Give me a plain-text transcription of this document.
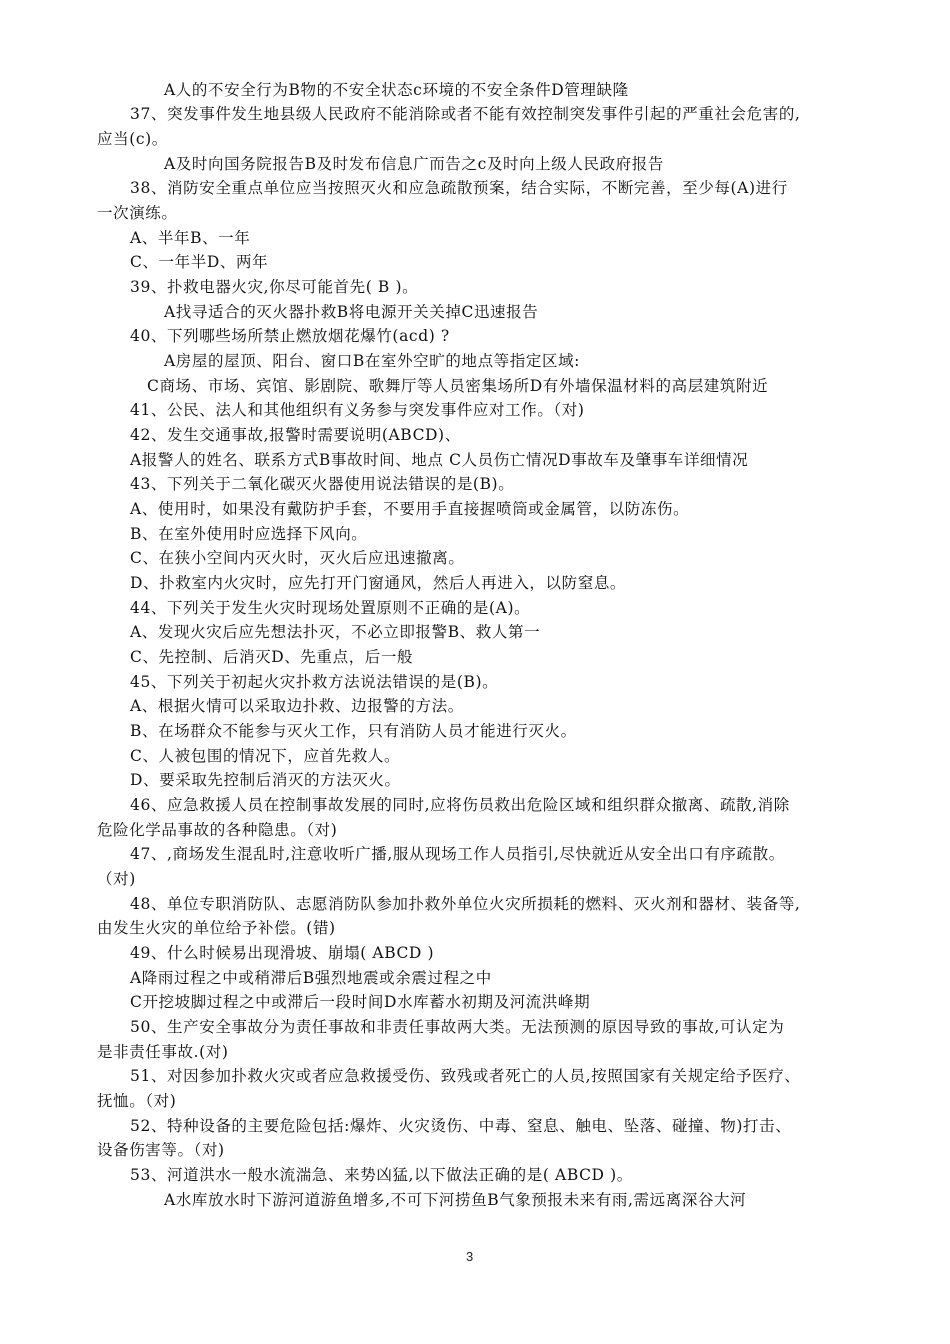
A人的不安全行为B物的不安全状态c环境的不安全条件D管理缺隆
37、突发事件发生地县级人民政府不能消除或者不能有效控制突发事件引起的严重社会危害的,
应当(c)。
A及时向国务院报告B及时发布信息广而告之c及时向上级人民政府报告
38、消防安全重点单位应当按照灭火和应急疏散预案，结合实际，不断完善，至少每(A)进行
一次演练。
A、半年B、一年
C、一年半D、两年
39、扑救电器火灾,你尽可能首先( B )。
A找寻适合的灭火器扑救B将电源开关关掉C迅速报告
40、下列哪些场所禁止燃放烟花爆竹(acd) ?
A房屋的屋顶、阳台、窗口B在室外空旷的地点等指定区域:
C商场、市场、宾馆、影剧院、歌舞厅等人员密集场所D有外墙保温材料的高层建筑附近
41、公民、法人和其他组织有义务参与突发事件应对工作。（对)
42、发生交通事故,报警时需要说明(ABCD)、
A报警人的姓名、联系方式B事故时间、地点 C人员伤亡情况D事故车及肇事车详细情况
43、下列关于二氧化碳灭火器使用说法错误的是(B)。
A、使用时，如果没有戴防护手套，不要用手直接握喷筒或金属管，以防冻伤。
B、在室外使用时应选择下风向。
C、在狭小空间内灭火时，灭火后应迅速撤离。
D、扑救室内火灾时，应先打开门窗通风，然后人再进入，以防窒息。
44、下列关于发生火灾时现场处置原则不正确的是(A)。
A、发现火灾后应先想法扑灭，不必立即报警B、救人第一
C、先控制、后消灭D、先重点，后一般
45、下列关于初起火灾扑救方法说法错误的是(B)。
A、根据火情可以采取边扑救、边报警的方法。
B、在场群众不能参与灭火工作，只有消防人员才能进行灭火。
C、人被包围的情况下，应首先救人。
D、要采取先控制后消灭的方法灭火。
46、应急救援人员在控制事故发展的同时,应将伤员救出危险区域和组织群众撤离、疏散,消除
危险化学品事故的各种隐患。（对)
47、,商场发生混乱时,注意收听广播,服从现场工作人员指引,尽快就近从安全出口有序疏散。
（对)
48、单位专职消防队、志愿消防队参加扑救外单位火灾所损耗的燃料、灭火剂和器材、装备等,
由发生火灾的单位给予补偿。(错)
49、什么时候易出现滑坡、崩塌( ABCD )
A降雨过程之中或稍滞后B强烈地震或余震过程之中
C开挖坡脚过程之中或滞后一段时间D水库蓄水初期及河流洪峰期
50、生产安全事故分为责任事故和非责任事故两大类。无法预测的原因导致的事故,可认定为
是非责任事故.(对)
51、对因参加扑救火灾或者应急救援受伤、致残或者死亡的人员,按照国家有关规定给予医疗、
抚恤。（对)
52、特种设备的主要危险包括:爆炸、火灾烫伤、中毒、窒息、触电、坠落、碰撞、物)打击、
设备伤害等。（对)
53、河道洪水一般水流湍急、来势凶猛,以下做法正确的是( ABCD )。
A水库放水时下游河道游鱼增多,不可下河捞鱼B气象预报未来有雨,需远离深谷大河
3
